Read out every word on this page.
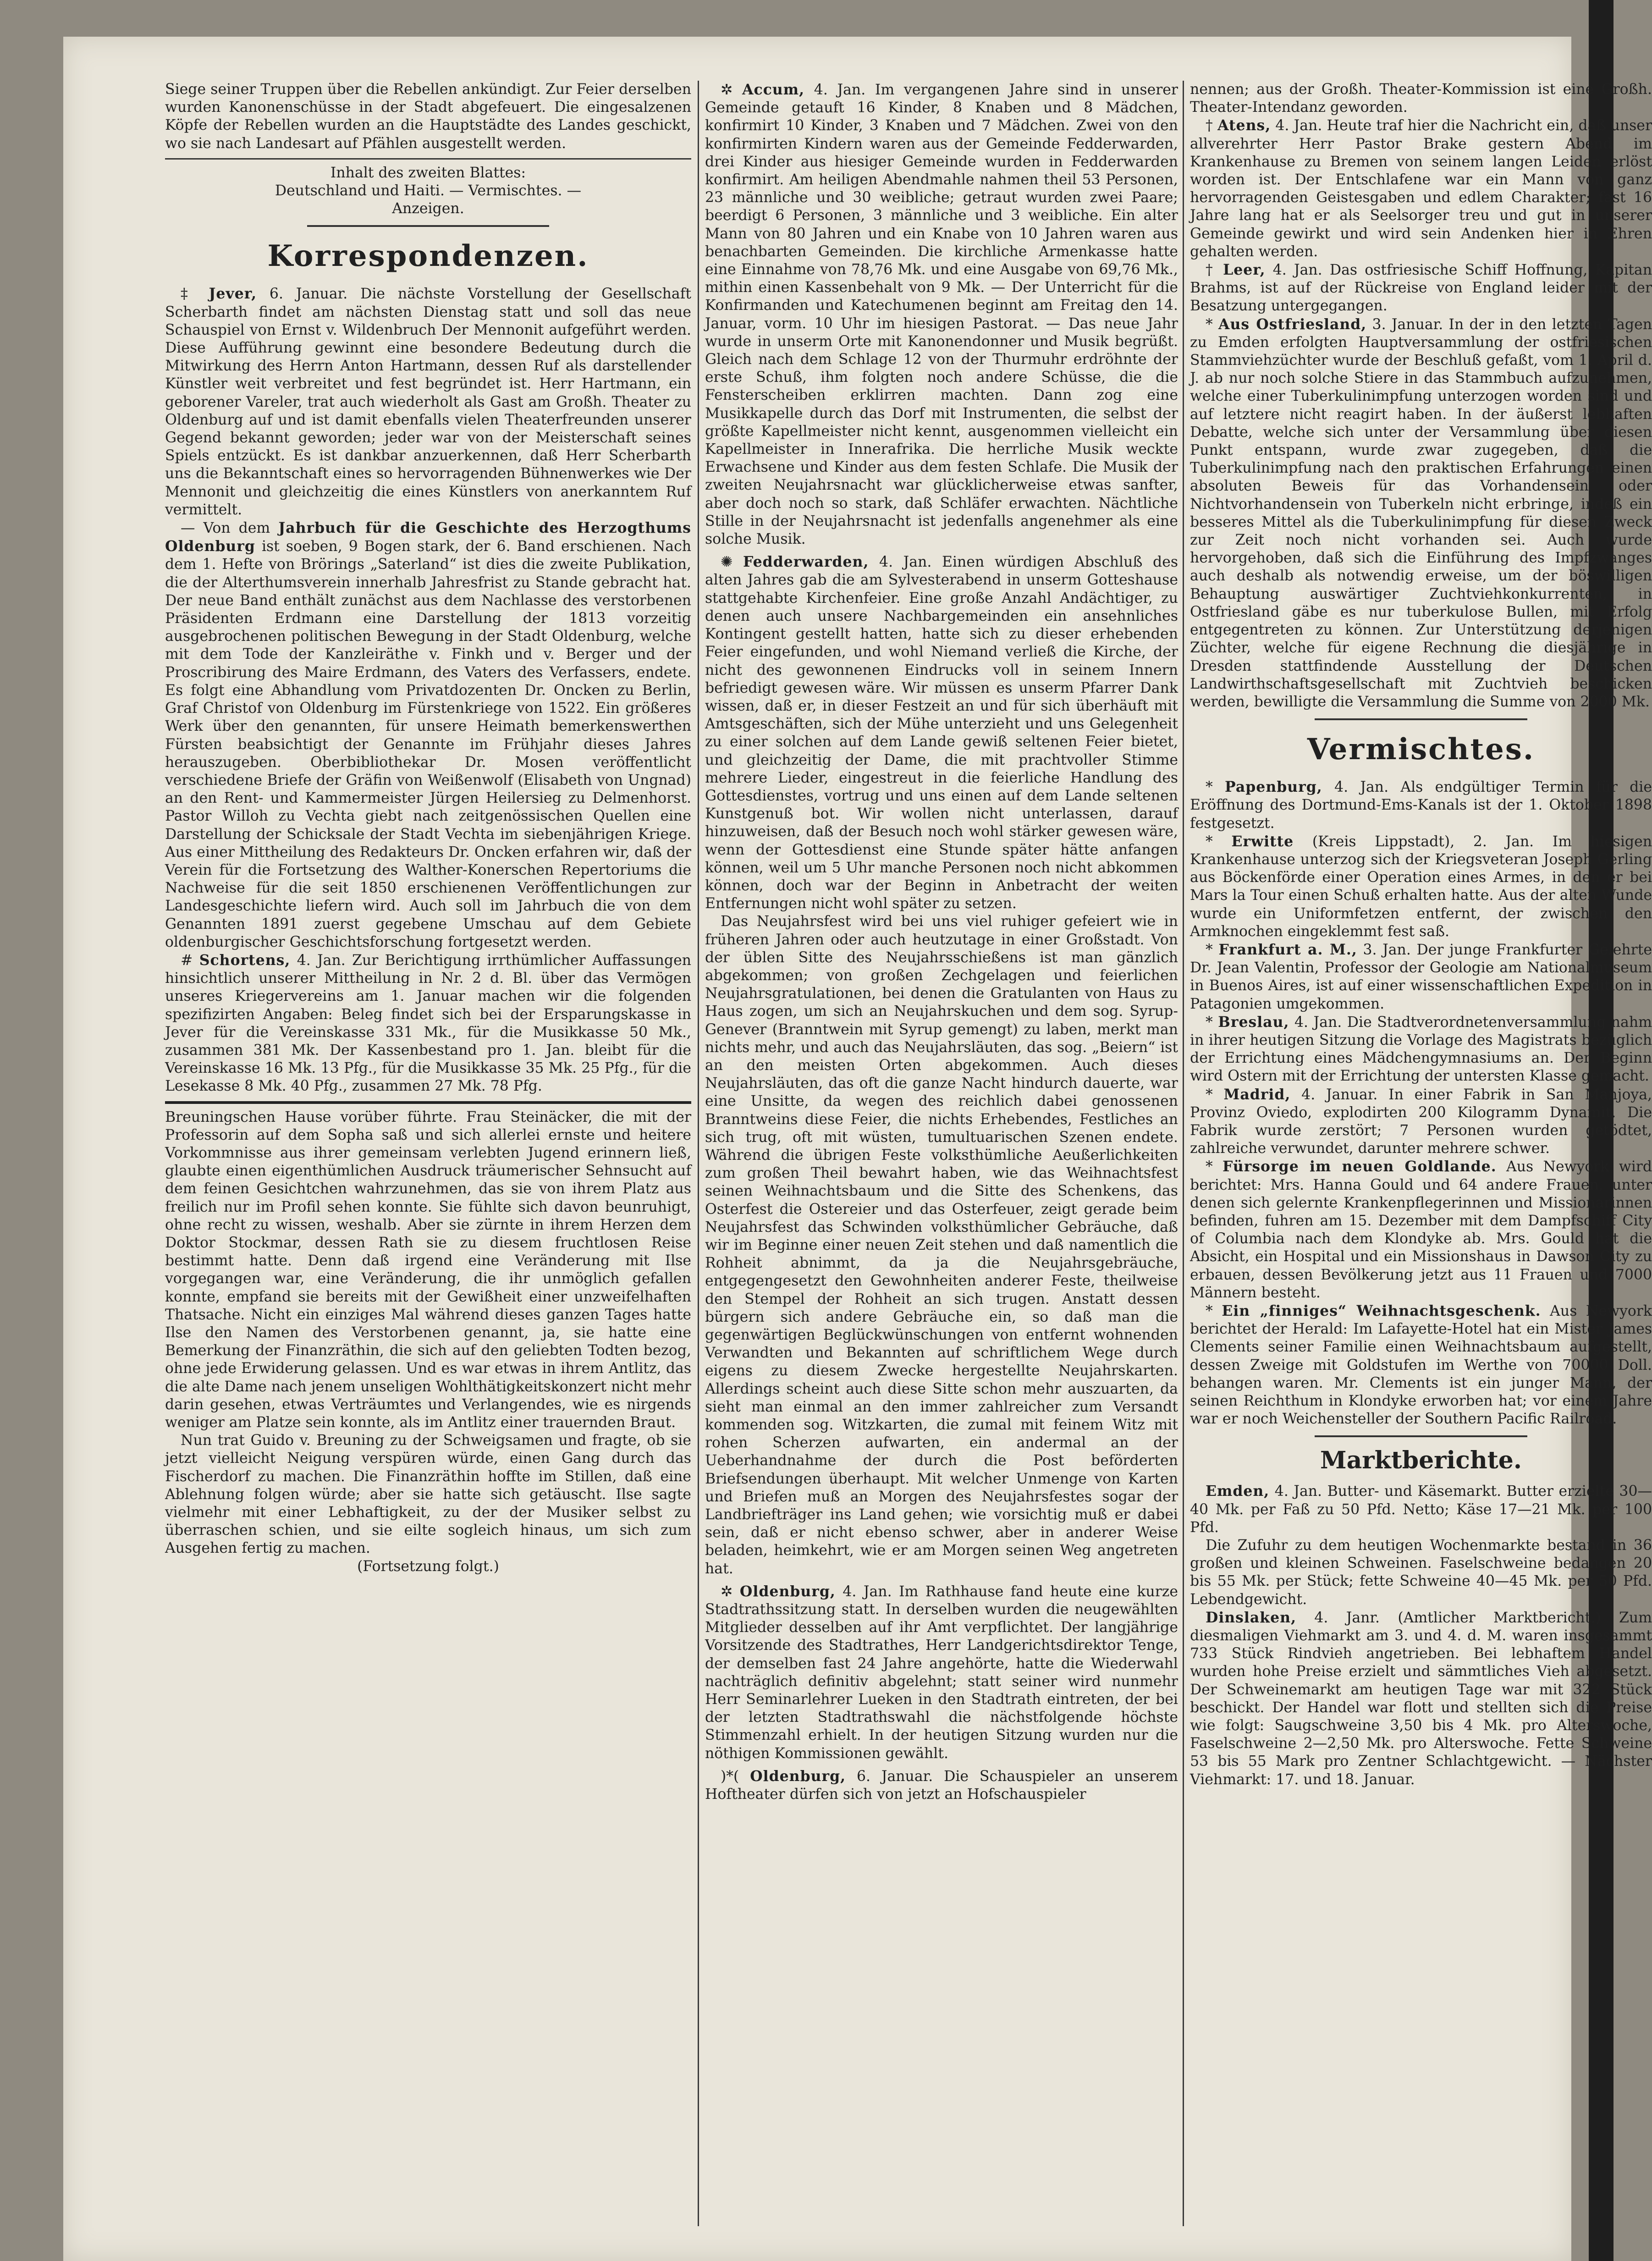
Siege seiner Truppen über die Rebellen ankündigt. Zur Feier derselben wurden Kanonenschüsse in der Stadt abgefeuert. Die eingesalzenen Köpfe der Rebellen wurden an die Hauptstädte des Landes geschickt, wo sie nach Landesart auf Pfählen ausgestellt werden.

Inhalt des zweiten Blattes:

Deutschland und Haiti. — Vermischtes. —

Anzeigen.

Korrespondenzen.

‡ Jever, 6. Januar. Die nächste Vorstellung der Gesellschaft Scherbarth findet am nächsten Dienstag statt und soll das neue Schauspiel von Ernst v. Wildenbruch Der Mennonit aufgeführt werden. Diese Aufführung gewinnt eine besondere Bedeutung durch die Mitwirkung des Herrn Anton Hartmann, dessen Ruf als darstellender Künstler weit verbreitet und fest begründet ist. Herr Hartmann, ein geborener Vareler, trat auch wiederholt als Gast am Großh. Theater zu Oldenburg auf und ist damit ebenfalls vielen Theaterfreunden unserer Gegend bekannt geworden; jeder war von der Meisterschaft seines Spiels entzückt. Es ist dankbar anzuerkennen, daß Herr Scherbarth uns die Bekanntschaft eines so hervorragenden Bühnenwerkes wie Der Mennonit und gleichzeitig die eines Künstlers von anerkanntem Ruf vermittelt.

— Von dem Jahrbuch für die Geschichte des Herzogthums Oldenburg ist soeben, 9 Bogen stark, der 6. Band erschienen. Nach dem 1. Hefte von Brörings „Saterland“ ist dies die zweite Publikation, die der Alterthumsverein innerhalb Jahresfrist zu Stande gebracht hat. Der neue Band enthält zunächst aus dem Nachlasse des verstorbenen Präsidenten Erdmann eine Darstellung der 1813 vorzeitig ausgebrochenen politischen Bewegung in der Stadt Oldenburg, welche mit dem Tode der Kanzleiräthe v. Finkh und v. Berger und der Proscribirung des Maire Erdmann, des Vaters des Verfassers, endete. Es folgt eine Abhandlung vom Privatdozenten Dr. Oncken zu Berlin, Graf Christof von Oldenburg im Fürstenkriege von 1522. Ein größeres Werk über den genannten, für unsere Heimath bemerkenswerthen Fürsten beabsichtigt der Genannte im Frühjahr dieses Jahres herauszugeben. Oberbibliothekar Dr. Mosen veröffentlicht verschiedene Briefe der Gräfin von Weißenwolf (Elisabeth von Ungnad) an den Rent- und Kammermeister Jürgen Heilersieg zu Delmenhorst. Pastor Willoh zu Vechta giebt nach zeitgenössischen Quellen eine Darstellung der Schicksale der Stadt Vechta im siebenjährigen Kriege. Aus einer Mittheilung des Redakteurs Dr. Oncken erfahren wir, daß der Verein für die Fortsetzung des Walther-Konerschen Repertoriums die Nachweise für die seit 1850 erschienenen Veröffentlichungen zur Landesgeschichte liefern wird. Auch soll im Jahrbuch die von dem Genannten 1891 zuerst gegebene Umschau auf dem Gebiete oldenburgischer Geschichtsforschung fortgesetzt werden.

# Schortens, 4. Jan. Zur Berichtigung irrthümlicher Auffassungen hinsichtlich unserer Mittheilung in Nr. 2 d. Bl. über das Vermögen unseres Kriegervereins am 1. Januar machen wir die folgenden spezifizirten Angaben: Beleg findet sich bei der Ersparungskasse in Jever für die Vereinskasse 331 Mk., für die Musikkasse 50 Mk., zusammen 381 Mk. Der Kassenbestand pro 1. Jan. bleibt für die Vereinskasse 16 Mk. 13 Pfg., für die Musikkasse 35 Mk. 25 Pfg., für die Lesekasse 8 Mk. 40 Pfg., zusammen 27 Mk. 78 Pfg.

Breuningschen Hause vorüber führte. Frau Steinäcker, die mit der Professorin auf dem Sopha saß und sich allerlei ernste und heitere Vorkommnisse aus ihrer gemeinsam verlebten Jugend erinnern ließ, glaubte einen eigenthümlichen Ausdruck träumerischer Sehnsucht auf dem feinen Gesichtchen wahrzunehmen, das sie von ihrem Platz aus freilich nur im Profil sehen konnte. Sie fühlte sich davon beunruhigt, ohne recht zu wissen, weshalb. Aber sie zürnte in ihrem Herzen dem Doktor Stockmar, dessen Rath sie zu diesem fruchtlosen Reise bestimmt hatte. Denn daß irgend eine Veränderung mit Ilse vorgegangen war, eine Veränderung, die ihr unmöglich gefallen konnte, empfand sie bereits mit der Gewißheit einer unzweifelhaften Thatsache. Nicht ein einziges Mal während dieses ganzen Tages hatte Ilse den Namen des Verstorbenen genannt, ja, sie hatte eine Bemerkung der Finanzräthin, die sich auf den geliebten Todten bezog, ohne jede Erwiderung gelassen. Und es war etwas in ihrem Antlitz, das die alte Dame nach jenem unseligen Wohlthätigkeitskonzert nicht mehr darin gesehen, etwas Verträumtes und Verlangendes, wie es nirgends weniger am Platze sein konnte, als im Antlitz einer trauernden Braut.

Nun trat Guido v. Breuning zu der Schweigsamen und fragte, ob sie jetzt vielleicht Neigung verspüren würde, einen Gang durch das Fischerdorf zu machen. Die Finanzräthin hoffte im Stillen, daß eine Ablehnung folgen würde; aber sie hatte sich getäuscht. Ilse sagte vielmehr mit einer Lebhaftigkeit, zu der der Musiker selbst zu überraschen schien, und sie eilte sogleich hinaus, um sich zum Ausgehen fertig zu machen.

(Fortsetzung folgt.)

✲ Accum, 4. Jan. Im vergangenen Jahre sind in unserer Gemeinde getauft 16 Kinder, 8 Knaben und 8 Mädchen, konfirmirt 10 Kinder, 3 Knaben und 7 Mädchen. Zwei von den konfirmirten Kindern waren aus der Gemeinde Fedderwarden, drei Kinder aus hiesiger Gemeinde wurden in Fedderwarden konfirmirt. Am heiligen Abendmahle nahmen theil 53 Personen, 23 männliche und 30 weibliche; getraut wurden zwei Paare; beerdigt 6 Personen, 3 männliche und 3 weibliche. Ein alter Mann von 80 Jahren und ein Knabe von 10 Jahren waren aus benachbarten Gemeinden. Die kirchliche Armenkasse hatte eine Einnahme von 78,76 Mk. und eine Ausgabe von 69,76 Mk., mithin einen Kassenbehalt von 9 Mk. — Der Unterricht für die Konfirmanden und Katechumenen beginnt am Freitag den 14. Januar, vorm. 10 Uhr im hiesigen Pastorat. — Das neue Jahr wurde in unserm Orte mit Kanonendonner und Musik begrüßt. Gleich nach dem Schlage 12 von der Thurmuhr erdröhnte der erste Schuß, ihm folgten noch andere Schüsse, die die Fensterscheiben erklirren machten. Dann zog eine Musikkapelle durch das Dorf mit Instrumenten, die selbst der größte Kapellmeister nicht kennt, ausgenommen vielleicht ein Kapellmeister in Innerafrika. Die herrliche Musik weckte Erwachsene und Kinder aus dem festen Schlafe. Die Musik der zweiten Neujahrsnacht war glücklicherweise etwas sanfter, aber doch noch so stark, daß Schläfer erwachten. Nächtliche Stille in der Neujahrsnacht ist jedenfalls angenehmer als eine solche Musik.

✺ Fedderwarden, 4. Jan. Einen würdigen Abschluß des alten Jahres gab die am Sylvesterabend in unserm Gotteshause stattgehabte Kirchenfeier. Eine große Anzahl Andächtiger, zu denen auch unsere Nachbargemeinden ein ansehnliches Kontingent gestellt hatten, hatte sich zu dieser erhebenden Feier eingefunden, und wohl Niemand verließ die Kirche, der nicht des gewonnenen Eindrucks voll in seinem Innern befriedigt gewesen wäre. Wir müssen es unserm Pfarrer Dank wissen, daß er, in dieser Festzeit an und für sich überhäuft mit Amtsgeschäften, sich der Mühe unterzieht und uns Gelegenheit zu einer solchen auf dem Lande gewiß seltenen Feier bietet, und gleichzeitig der Dame, die mit prachtvoller Stimme mehrere Lieder, eingestreut in die feierliche Handlung des Gottesdienstes, vortrug und uns einen auf dem Lande seltenen Kunstgenuß bot. Wir wollen nicht unterlassen, darauf hinzuweisen, daß der Besuch noch wohl stärker gewesen wäre, wenn der Gottesdienst eine Stunde später hätte anfangen können, weil um 5 Uhr manche Personen noch nicht abkommen können, doch war der Beginn in Anbetracht der weiten Entfernungen nicht wohl später zu setzen.

Das Neujahrsfest wird bei uns viel ruhiger gefeiert wie in früheren Jahren oder auch heutzutage in einer Großstadt. Von der üblen Sitte des Neujahrsschießens ist man gänzlich abgekommen; von großen Zechgelagen und feierlichen Neujahrsgratulationen, bei denen die Gratulanten von Haus zu Haus zogen, um sich an Neujahrskuchen und dem sog. Syrup-Genever (Branntwein mit Syrup gemengt) zu laben, merkt man nichts mehr, und auch das Neujahrsläuten, das sog. „Beiern“ ist an den meisten Orten abgekommen. Auch dieses Neujahrsläuten, das oft die ganze Nacht hindurch dauerte, war eine Unsitte, da wegen des reichlich dabei genossenen Branntweins diese Feier, die nichts Erhebendes, Festliches an sich trug, oft mit wüsten, tumultuarischen Szenen endete. Während die übrigen Feste volksthümliche Aeußerlichkeiten zum großen Theil bewahrt haben, wie das Weihnachtsfest seinen Weihnachtsbaum und die Sitte des Schenkens, das Osterfest die Ostereier und das Osterfeuer, zeigt gerade beim Neujahrsfest das Schwinden volksthümlicher Gebräuche, daß wir im Beginne einer neuen Zeit stehen und daß namentlich die Rohheit abnimmt, da ja die Neujahrsgebräuche, entgegengesetzt den Gewohnheiten anderer Feste, theilweise den Stempel der Rohheit an sich trugen. Anstatt dessen bürgern sich andere Gebräuche ein, so daß man die gegenwärtigen Beglückwünschungen von entfernt wohnenden Verwandten und Bekannten auf schriftlichem Wege durch eigens zu diesem Zwecke hergestellte Neujahrskarten. Allerdings scheint auch diese Sitte schon mehr auszuarten, da sieht man einmal an den immer zahlreicher zum Versandt kommenden sog. Witzkarten, die zumal mit feinem Witz mit rohen Scherzen aufwarten, ein andermal an der Ueberhandnahme der durch die Post beförderten Briefsendungen überhaupt. Mit welcher Unmenge von Karten und Briefen muß an Morgen des Neujahrsfestes sogar der Landbriefträger ins Land gehen; wie vorsichtig muß er dabei sein, daß er nicht ebenso schwer, aber in anderer Weise beladen, heimkehrt, wie er am Morgen seinen Weg angetreten hat.

✲ Oldenburg, 4. Jan. Im Rathhause fand heute eine kurze Stadtrathssitzung statt. In derselben wurden die neugewählten Mitglieder desselben auf ihr Amt verpflichtet. Der langjährige Vorsitzende des Stadtrathes, Herr Landgerichtsdirektor Tenge, der demselben fast 24 Jahre angehörte, hatte die Wiederwahl nachträglich definitiv abgelehnt; statt seiner wird nunmehr Herr Seminarlehrer Lueken in den Stadtrath eintreten, der bei der letzten Stadtrathswahl die nächstfolgende höchste Stimmenzahl erhielt. In der heutigen Sitzung wurden nur die nöthigen Kommissionen gewählt.

)*( Oldenburg, 6. Januar. Die Schauspieler an unserem Hoftheater dürfen sich von jetzt an Hofschauspieler

nennen; aus der Großh. Theater-Kommission ist eine Großh. Theater-Intendanz geworden.

† Atens, 4. Jan. Heute traf hier die Nachricht ein, daß unser allverehrter Herr Pastor Brake gestern Abend im Krankenhause zu Bremen von seinem langen Leiden erlöst worden ist. Der Entschlafene war ein Mann von ganz hervorragenden Geistesgaben und edlem Charakter; fast 16 Jahre lang hat er als Seelsorger treu und gut in unserer Gemeinde gewirkt und wird sein Andenken hier in Ehren gehalten werden.

† Leer, 4. Jan. Das ostfriesische Schiff Hoffnung, Kapitan Brahms, ist auf der Rückreise von England leider mit der Besatzung untergegangen.

* Aus Ostfriesland, 3. Januar. In der in den letzten Tagen zu Emden erfolgten Hauptversammlung der ostfriesischen Stammviehzüchter wurde der Beschluß gefaßt, vom 1. April d. J. ab nur noch solche Stiere in das Stammbuch aufzunehmen, welche einer Tuberkulinimpfung unterzogen worden sind und auf letztere nicht reagirt haben. In der äußerst lebhaften Debatte, welche sich unter der Versammlung über diesen Punkt entspann, wurde zwar zugegeben, daß die Tuberkulinimpfung nach den praktischen Erfahrungen einen absoluten Beweis für das Vorhandensein oder Nichtvorhandensein von Tuberkeln nicht erbringe, indeß ein besseres Mittel als die Tuberkulinimpfung für diesen Zweck zur Zeit noch nicht vorhanden sei. Auch wurde hervorgehoben, daß sich die Einführung des Impfzwanges auch deshalb als notwendig erweise, um der böswilligen Behauptung auswärtiger Zuchtviehkonkurrenten, in Ostfriesland gäbe es nur tuberkulose Bullen, mit Erfolg entgegentreten zu können. Zur Unterstützung derjenigen Züchter, welche für eigene Rechnung die diesjährige in Dresden stattfindende Ausstellung der Deutschen Landwirthschaftsgesellschaft mit Zuchtvieh beschicken werden, bewilligte die Versammlung die Summe von 2000 Mk.

Vermischtes.

* Papenburg, 4. Jan. Als endgültiger Termin für die Eröffnung des Dortmund-Ems-Kanals ist der 1. Oktober 1898 festgesetzt.

* Erwitte (Kreis Lippstadt), 2. Jan. Im hiesigen Krankenhause unterzog sich der Kriegsveteran Joseph Gerling aus Böckenförde einer Operation eines Armes, in den er bei Mars la Tour einen Schuß erhalten hatte. Aus der alten Wunde wurde ein Uniformfetzen entfernt, der zwischen den Armknochen eingeklemmt fest saß.

* Frankfurt a. M., 3. Jan. Der junge Frankfurter Gelehrte Dr. Jean Valentin, Professor der Geologie am Nationalmuseum in Buenos Aires, ist auf einer wissenschaftlichen Expedition in Patagonien umgekommen.

* Breslau, 4. Jan. Die Stadtverordnetenversammlung nahm in ihrer heutigen Sitzung die Vorlage des Magistrats bezüglich der Errichtung eines Mädchengymnasiums an. Der Beginn wird Ostern mit der Errichtung der untersten Klasse gemacht.

* Madrid, 4. Januar. In einer Fabrik in San Manjoya, Provinz Oviedo, explodirten 200 Kilogramm Dynamit. Die Fabrik wurde zerstört; 7 Personen wurden getödtet, zahlreiche verwundet, darunter mehrere schwer.

* Fürsorge im neuen Goldlande. Aus Newyork wird berichtet: Mrs. Hanna Gould und 64 andere Frauen, unter denen sich gelernte Krankenpflegerinnen und Missionarinnen befinden, fuhren am 15. Dezember mit dem Dampfschiff City of Columbia nach dem Klondyke ab. Mrs. Gould hat die Absicht, ein Hospital und ein Missionshaus in Dawson City zu erbauen, dessen Bevölkerung jetzt aus 11 Frauen und 7000 Männern besteht.

* Ein „finniges“ Weihnachtsgeschenk. Aus Newyork berichtet der Herald: Im Lafayette-Hotel hat ein Mister James Clements seiner Familie einen Weihnachtsbaum aufgestellt, dessen Zweige mit Goldstufen im Werthe von 70000 Doll. behangen waren. Mr. Clements ist ein junger Mann, der seinen Reichthum in Klondyke erworben hat; vor einem Jahre war er noch Weichensteller der Southern Pacific Railroad.

Marktberichte.

Emden, 4. Jan. Butter- und Käsemarkt. Butter erzielte 30—40 Mk. per Faß zu 50 Pfd. Netto; Käse 17—21 Mk. per 100 Pfd.

Die Zufuhr zu dem heutigen Wochenmarkte bestand in 36 großen und kleinen Schweinen. Faselschweine bedangen 20 bis 55 Mk. per Stück; fette Schweine 40—45 Mk. per 50 Pfd. Lebendgewicht.

Dinslaken, 4. Janr. (Amtlicher Marktbericht.) Zum diesmaligen Viehmarkt am 3. und 4. d. M. waren insgesammt 733 Stück Rindvieh angetrieben. Bei lebhaftem Handel wurden hohe Preise erzielt und sämmtliches Vieh abgesetzt. Der Schweinemarkt am heutigen Tage war mit 322 Stück beschickt. Der Handel war flott und stellten sich die Preise wie folgt: Saugschweine 3,50 bis 4 Mk. pro Alterswoche, Faselschweine 2—2,50 Mk. pro Alterswoche. Fette Schweine 53 bis 55 Mark pro Zentner Schlachtgewicht. — Nächster Viehmarkt: 17. und 18. Januar.
